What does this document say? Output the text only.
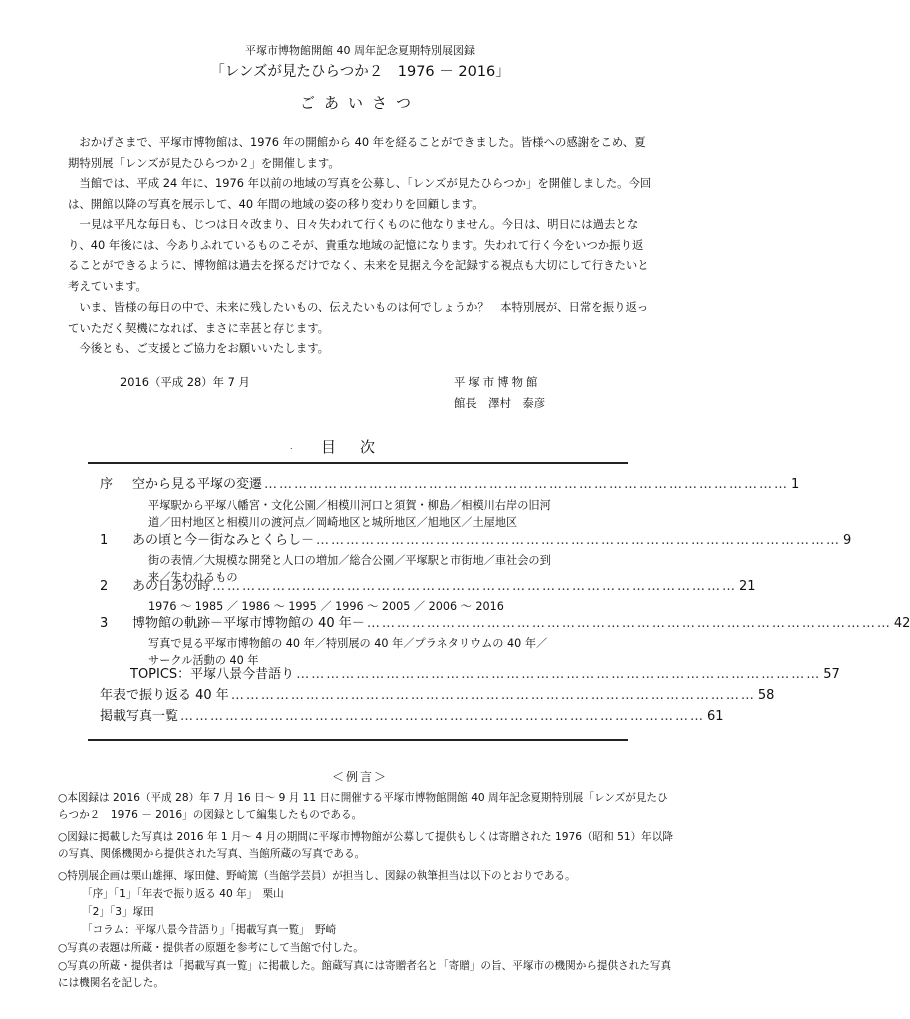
平塚市博物館開館 40 周年記念夏期特別展図録
「レンズが見たひらつか２　1976 － 2016」
ごあいさつ

おかげさまで、平塚市博物館は、1976 年の開館から 40 年を経ることができました。皆様への感謝をこめ、夏期特別展「レンズが見たひらつか２」を開催します。

当館では、平成 24 年に、1976 年以前の地域の写真を公募し、「レンズが見たひらつか」を開催しました。今回は、開館以降の写真を展示して、40 年間の地域の姿の移り変わりを回顧します。

一見は平凡な毎日も、じつは日々改まり、日々失われて行くものに他なりません。今日は、明日には過去となり、40 年後には、今ありふれているものこそが、貴重な地域の記憶になります。失われて行く今をいつか振り返ることができるように、博物館は過去を探るだけでなく、未来を見据え今を記録する視点も大切にして行きたいと考えています。

いま、皆様の毎日の中で、未来に残したいもの、伝えたいものは何でしょうか？　本特別展が、日常を振り返っていただく契機になれば、まさに幸甚と存じます。

今後とも、ご支援とご協力をお願いいたします。

2016（平成 28）年 7 月	平塚市博物館
館長　澤村　泰彦
.	目次
序	空から見る平塚の変遷 …………………………………………………………………………………………… 1
平塚駅から平塚八幡宮・文化公園／相模川河口と須賀・柳島／相模川右岸の旧河
道／田村地区と相模川の渡河点／岡崎地区と城所地区／旭地区／土屋地区
1	あの頃と今－街なみとくらし－ …………………………………………………………………………………………… 9
街の表情／大規模な開発と人口の増加／総合公園／平塚駅と市街地／車社会の到
来／失われるもの
2	あの日あの時 …………………………………………………………………………………………… 21
1976 ～ 1985 ／ 1986 ～ 1995 ／ 1996 ～ 2005 ／ 2006 ～ 2016
3	博物館の軌跡－平塚市博物館の 40 年－ …………………………………………………………………………………………… 42
写真で見る平塚市博物館の 40 年／特別展の 40 年／プラネタリウムの 40 年／
サークル活動の 40 年
TOPICS：平塚八景今昔語り …………………………………………………………………………………………… 57
年表で振り返る 40 年 …………………………………………………………………………………………… 58
掲載写真一覧 …………………………………………………………………………………………… 61
＜例言＞

○本図録は 2016（平成 28）年 7 月 16 日～ 9 月 11 日に開催する平塚市博物館開館 40 周年記念夏期特別展「レンズが見たひらつか２　1976 － 2016」の図録として編集したものである。

○図録に掲載した写真は 2016 年 1 月～ 4 月の期間に平塚市博物館が公募して提供もしくは寄贈された 1976（昭和 51）年以降の写真、関係機関から提供された写真、当館所蔵の写真である。

○特別展企画は栗山雄揮、塚田健、野崎篤（当館学芸員）が担当し、図録の執筆担当は以下のとおりである。

「序」「1」「年表で振り返る 40 年」　栗山
「2」「3」塚田
「コラム：平塚八景今昔語り」「掲載写真一覧」　野崎

○写真の表題は所蔵・提供者の原題を参考にして当館で付した。

○写真の所蔵・提供者は「掲載写真一覧」に掲載した。館蔵写真には寄贈者名と「寄贈」の旨、平塚市の機関から提供された写真には機関名を記した。
